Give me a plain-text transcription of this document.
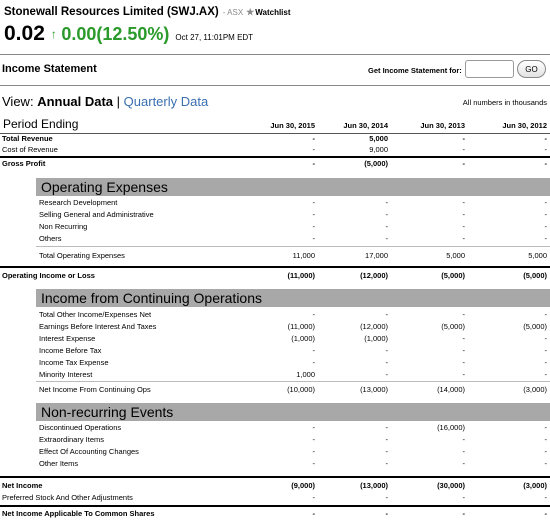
Stonewall Resources Limited (SWJ.AX) - ASX ★Watchlist
0.02 ↑ 0.00(12.50%) Oct 27, 11:01PM EDT
Income Statement	Get Income Statement for:	GO
View: Annual Data | Quarterly Data	All numbers in thousands
Period Ending	Jun 30, 2015	Jun 30, 2014	Jun 30, 2013	Jun 30, 2012
Total Revenue	-	5,000	-	-
Cost of Revenue	-	9,000	-	-
Gross Profit	-	(5,000)	-	-
Operating Expenses
Research Development	-	-	-	-
Selling General and Administrative	-	-	-	-
Non Recurring	-	-	-	-
Others	-	-	-	-
Total Operating Expenses	11,000	17,000	5,000	5,000
Operating Income or Loss	(11,000)	(12,000)	(5,000)	(5,000)
Income from Continuing Operations
Total Other Income/Expenses Net	-	-	-	-
Earnings Before Interest And Taxes	(11,000)	(12,000)	(5,000)	(5,000)
Interest Expense	(1,000)	(1,000)	-	-
Income Before Tax	-	-	-	-
Income Tax Expense	-	-	-	-
Minority Interest	1,000	-	-	-
Net Income From Continuing Ops	(10,000)	(13,000)	(14,000)	(3,000)
Non-recurring Events
Discontinued Operations	-	-	(16,000)	-
Extraordinary Items	-	-	-	-
Effect Of Accounting Changes	-	-	-	-
Other Items	-	-	-	-
Net Income	(9,000)	(13,000)	(30,000)	(3,000)
Preferred Stock And Other Adjustments	-	-	-	-
Net Income Applicable To Common Shares	-	-	-	-
